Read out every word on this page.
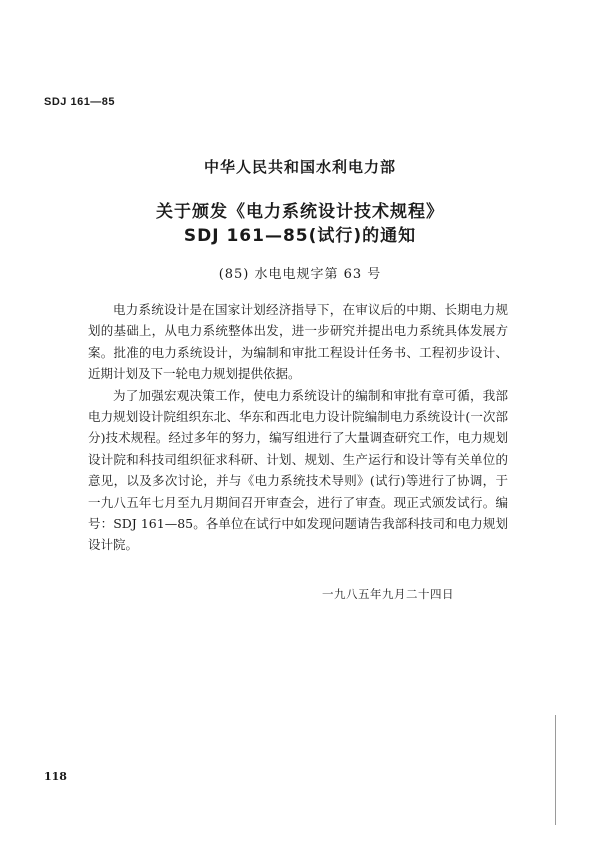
SDJ 161—85
中华人民共和国水利电力部
关于颁发《电力系统设计技术规程》
SDJ 161—85(试行)的通知
(85) 水电电规字第 63 号

电力系统设计是在国家计划经济指导下，在审议后的中期、长期电力规划的基础上，从电力系统整体出发，进一步研究并提出电力系统具体发展方案。批准的电力系统设计，为编制和审批工程设计任务书、工程初步设计、近期计划及下一轮电力规划提供依据。

为了加强宏观决策工作，使电力系统设计的编制和审批有章可循，我部电力规划设计院组织东北、华东和西北电力设计院编制电力系统设计(一次部分)技术规程。经过多年的努力，编写组进行了大量调查研究工作，电力规划设计院和科技司组织征求科研、计划、规划、生产运行和设计等有关单位的意见，以及多次讨论，并与《电力系统技术导则》(试行)等进行了协调，于一九八五年七月至九月期间召开审查会，进行了审查。现正式颁发试行。编号：SDJ 161—85。各单位在试行中如发现问题请告我部科技司和电力规划设计院。

一九八五年九月二十四日
118
